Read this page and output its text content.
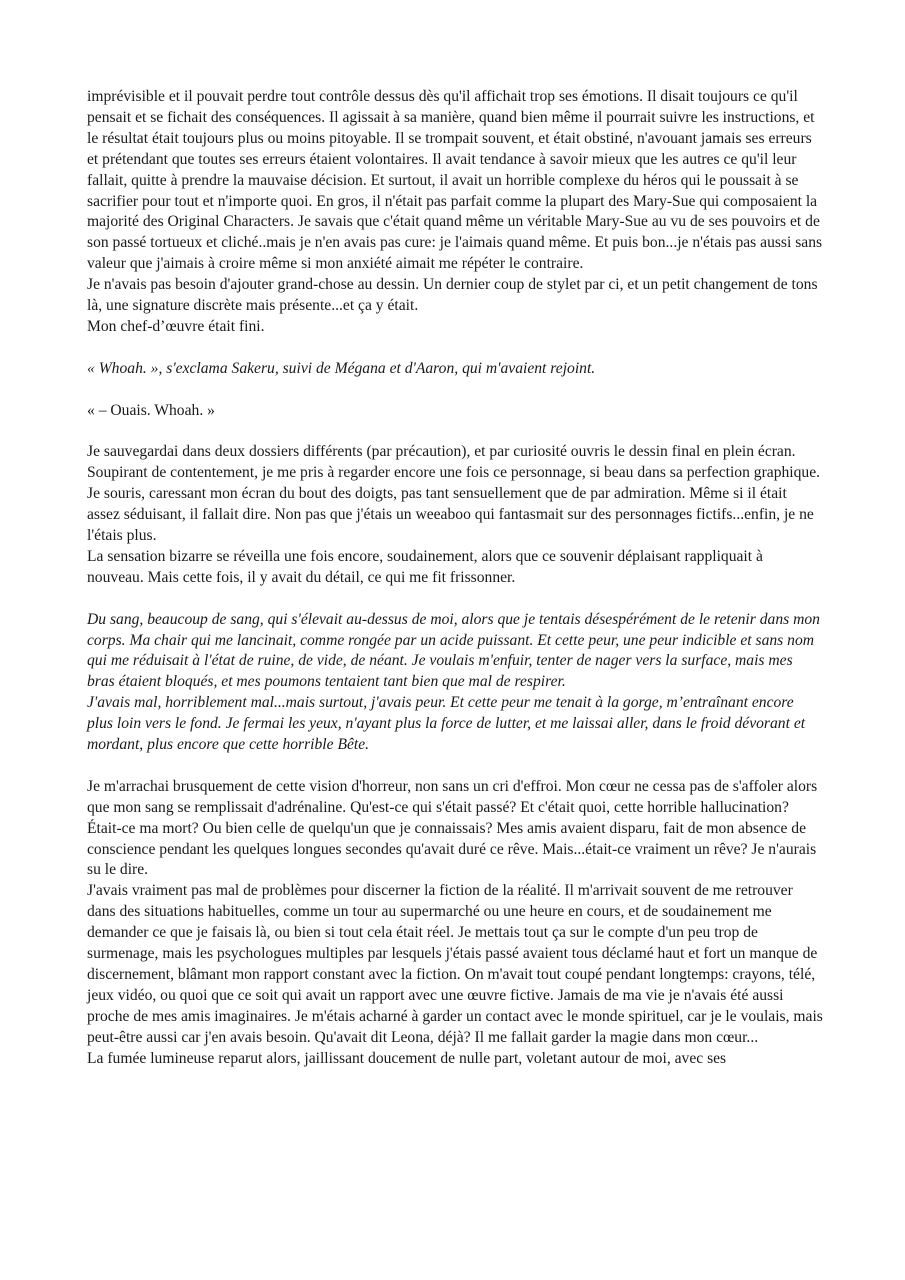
imprévisible et il pouvait perdre tout contrôle dessus dès qu'il affichait trop ses émotions. Il disait toujours ce qu'il pensait et se fichait des conséquences. Il agissait à sa manière, quand bien même il pourrait suivre les instructions, et le résultat était toujours plus ou moins pitoyable. Il se trompait souvent, et était obstiné, n'avouant jamais ses erreurs et prétendant que toutes ses erreurs étaient volontaires. Il avait tendance à savoir mieux que les autres ce qu'il leur fallait, quitte à prendre la mauvaise décision. Et surtout, il avait un horrible complexe du héros qui le poussait à se sacrifier pour tout et n'importe quoi. En gros, il n'était pas parfait comme la plupart des Mary-Sue qui composaient la majorité des Original Characters. Je savais que c'était quand même un véritable Mary-Sue au vu de ses pouvoirs et de son passé tortueux et cliché..mais je n'en avais pas cure: je l'aimais quand même. Et puis bon...je n'étais pas aussi sans valeur que j'aimais à croire même si mon anxiété aimait me répéter le contraire.

Je n'avais pas besoin d'ajouter grand-chose au dessin. Un dernier coup de stylet par ci, et un petit changement de tons là, une signature discrète mais présente...et ça y était.

Mon chef-d’œuvre était fini.

« Whoah. », s'exclama Sakeru, suivi de Mégana et d'Aaron, qui m'avaient rejoint.

« – Ouais. Whoah. »

Je sauvegardai dans deux dossiers différents (par précaution), et par curiosité ouvris le dessin final en plein écran. Soupirant de contentement, je me pris à regarder encore une fois ce personnage, si beau dans sa perfection graphique. Je souris, caressant mon écran du bout des doigts, pas tant sensuellement que de par admiration. Même si il était assez séduisant, il fallait dire. Non pas que j'étais un weeaboo qui fantasmait sur des personnages fictifs...enfin, je ne l'étais plus.

La sensation bizarre se réveilla une fois encore, soudainement, alors que ce souvenir déplaisant rappliquait à nouveau. Mais cette fois, il y avait du détail, ce qui me fit frissonner.

Du sang, beaucoup de sang, qui s'élevait au-dessus de moi, alors que je tentais désespérément de le retenir dans mon corps. Ma chair qui me lancinait, comme rongée par un acide puissant. Et cette peur, une peur indicible et sans nom qui me réduisait à l'état de ruine, de vide, de néant. Je voulais m'enfuir, tenter de nager vers la surface, mais mes bras étaient bloqués, et mes poumons tentaient tant bien que mal de respirer.

J'avais mal, horriblement mal...mais surtout, j'avais peur. Et cette peur me tenait à la gorge, m’entraînant encore plus loin vers le fond. Je fermai les yeux, n'ayant plus la force de lutter, et me laissai aller, dans le froid dévorant et mordant, plus encore que cette horrible Bête.

Je m'arrachai brusquement de cette vision d'horreur, non sans un cri d'effroi. Mon cœur ne cessa pas de s'affoler alors que mon sang se remplissait d'adrénaline. Qu'est-ce qui s'était passé? Et c'était quoi, cette horrible hallucination? Était-ce ma mort? Ou bien celle de quelqu'un que je connaissais? Mes amis avaient disparu, fait de mon absence de conscience pendant les quelques longues secondes qu'avait duré ce rêve. Mais...était-ce vraiment un rêve? Je n'aurais su le dire.

J'avais vraiment pas mal de problèmes pour discerner la fiction de la réalité. Il m'arrivait souvent de me retrouver dans des situations habituelles, comme un tour au supermarché ou une heure en cours, et de soudainement me demander ce que je faisais là, ou bien si tout cela était réel. Je mettais tout ça sur le compte d'un peu trop de surmenage, mais les psychologues multiples par lesquels j'étais passé avaient tous déclamé haut et fort un manque de discernement, blâmant mon rapport constant avec la fiction. On m'avait tout coupé pendant longtemps: crayons, télé, jeux vidéo, ou quoi que ce soit qui avait un rapport avec une œuvre fictive. Jamais de ma vie je n'avais été aussi proche de mes amis imaginaires. Je m'étais acharné à garder un contact avec le monde spirituel, car je le voulais, mais peut-être aussi car j'en avais besoin. Qu'avait dit Leona, déjà? Il me fallait garder la magie dans mon cœur...

La fumée lumineuse reparut alors, jaillissant doucement de nulle part, voletant autour de moi, avec ses
